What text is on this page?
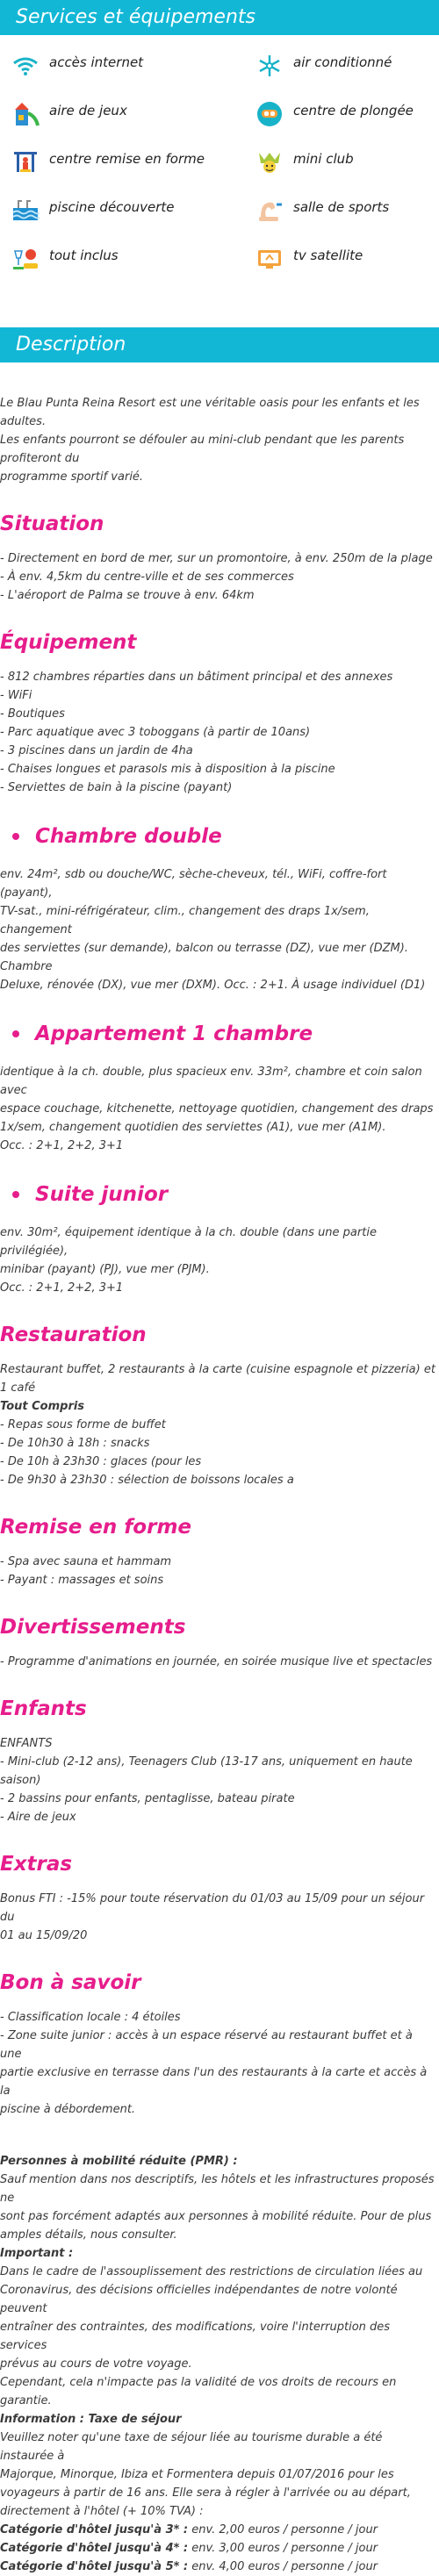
Services et équipements
accès internet	air conditionné
aire de jeux	centre de plongée
centre remise en forme	mini club
piscine découverte	salle de sports
tout inclus	tv satellite
Description
Le Blau Punta Reina Resort est une véritable oasis pour les enfants et les
adultes.
Les enfants pourront se défouler au mini-club pendant que les parents
profiteront du
programme sportif varié.
Situation
- Directement en bord de mer, sur un promontoire, à env. 250m de la plage
- À env. 4,5km du centre-ville et de ses commerces
- L'aéroport de Palma se trouve à env. 64km
Équipement
- 812 chambres réparties dans un bâtiment principal et des annexes
- WiFi
- Boutiques
- Parc aquatique avec 3 toboggans (à partir de 10ans)
- 3 piscines dans un jardin de 4ha
- Chaises longues et parasols mis à disposition à la piscine
- Serviettes de bain à la piscine (payant)
Chambre double
env. 24m², sdb ou douche/WC, sèche-cheveux, tél., WiFi, coffre-fort (payant),
TV-sat., mini-réfrigérateur, clim., changement des draps 1x/sem, changement
des serviettes (sur demande), balcon ou terrasse (DZ), vue mer (DZM). Chambre
Deluxe, rénovée (DX), vue mer (DXM). Occ. : 2+1. À usage individuel (D1)
Appartement 1 chambre
identique à la ch. double, plus spacieux env. 33m², chambre et coin salon avec
espace couchage, kitchenette, nettoyage quotidien, changement des draps
1x/sem, changement quotidien des serviettes (A1), vue mer (A1M).
Occ. : 2+1, 2+2, 3+1
Suite junior
env. 30m², équipement identique à la ch. double (dans une partie privilégiée),
minibar (payant) (PJ), vue mer (PJM).
Occ. : 2+1, 2+2, 3+1
Restauration
Restaurant buffet, 2 restaurants à la carte (cuisine espagnole et pizzeria) et
1 café
Tout Compris
- Repas sous forme de buffet
- De 10h30 à 18h : snacks
- De 10h à 23h30 : glaces (pour les
- De 9h30 à 23h30 : sélection de boissons locales a
Remise en forme
- Spa avec sauna et hammam
- Payant : massages et soins
Divertissements
- Programme d'animations en journée, en soirée musique live et spectacles
Enfants
ENFANTS
- Mini-club (2-12 ans), Teenagers Club (13-17 ans, uniquement en haute
saison)
- 2 bassins pour enfants, pentaglisse, bateau pirate
- Aire de jeux
Extras
Bonus FTI : -15% pour toute réservation du 01/03 au 15/09 pour un séjour du
01 au 15/09/20
Bon à savoir
- Classification locale : 4 étoiles
- Zone suite junior : accès à un espace réservé au restaurant buffet et à une
partie exclusive en terrasse dans l'un des restaurants à la carte et accès à la
piscine à débordement.
Personnes à mobilité réduite (PMR) :
Sauf mention dans nos descriptifs, les hôtels et les infrastructures proposés ne
sont pas forcément adaptés aux personnes à mobilité réduite. Pour de plus
amples détails, nous consulter.
Important :
Dans le cadre de l'assouplissement des restrictions de circulation liées au
Coronavirus, des décisions officielles indépendantes de notre volonté peuvent
entraîner des contraintes, des modifications, voire l'interruption des services
prévus au cours de votre voyage.
Cependant, cela n'impacte pas la validité de vos droits de recours en garantie.
Information : Taxe de séjour
Veuillez noter qu'une taxe de séjour liée au tourisme durable a été instaurée à
Majorque, Minorque, Ibiza et Formentera depuis 01/07/2016 pour les
voyageurs à partir de 16 ans. Elle sera à régler à l'arrivée ou au départ,
directement à l'hôtel (+ 10% TVA) :
Catégorie d'hôtel jusqu'à 3* : env. 2,00 euros / personne / jour
Catégorie d'hôtel jusqu'à 4* : env. 3,00 euros / personne / jour
Catégorie d'hôtel jusqu'à 5* : env. 4,00 euros / personne / jour
